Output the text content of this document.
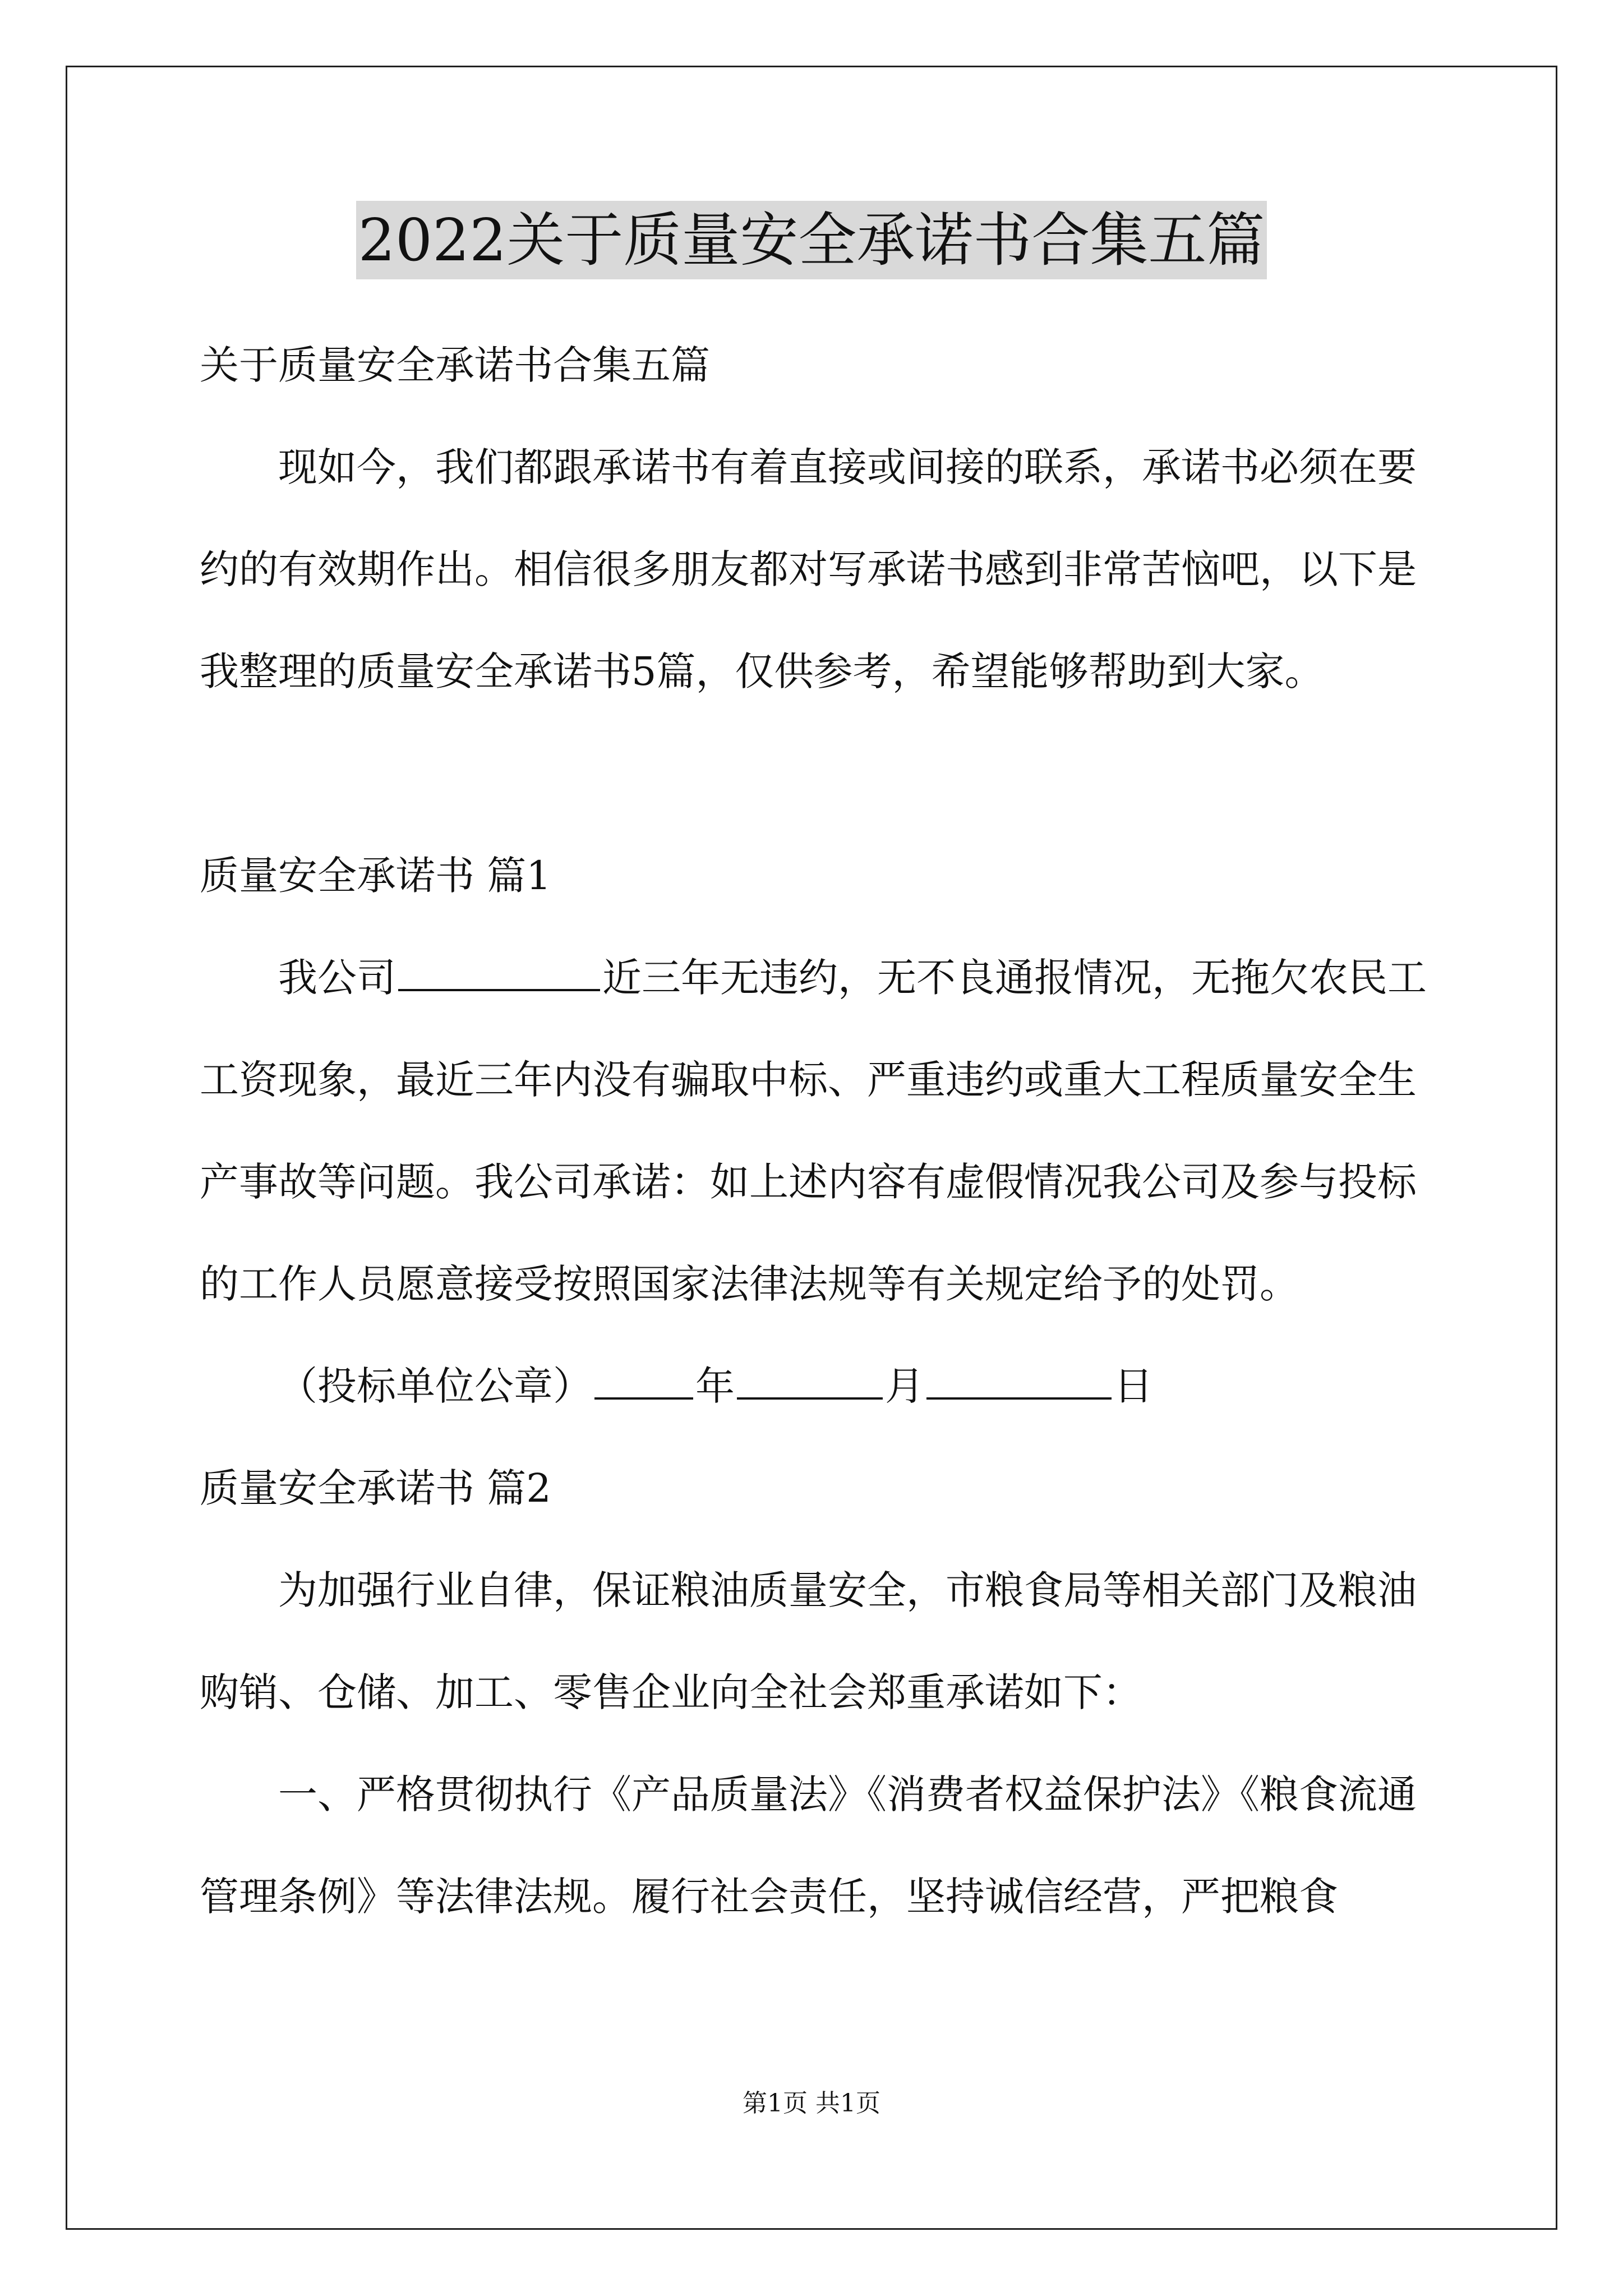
2022关于质量安全承诺书合集五篇

关于质量安全承诺书合集五篇

现如今，我们都跟承诺书有着直接或间接的联系，承诺书必须在要约的有效期作出。相信很多朋友都对写承诺书感到非常苦恼吧，以下是我整理的质量安全承诺书5篇，仅供参考，希望能够帮助到大家。

质量安全承诺书 篇1

我公司	近三年无违约，无不良通报情况，无拖欠农民工工资现象，最近三年内没有骗取中标、严重违约或重大工程质量安全生产事故等问题。我公司承诺：如上述内容有虚假情况我公司及参与投标的工作人员愿意接受按照国家法律法规等有关规定给予的处罚。

（投标单位公章）	年	月	日

质量安全承诺书 篇2

为加强行业自律，保证粮油质量安全，市粮食局等相关部门及粮油购销、仓储、加工、零售企业向全社会郑重承诺如下：

一、严格贯彻执行《产品质量法》《消费者权益保护法》《粮食流通管理条例》等法律法规。履行社会责任，坚持诚信经营，严把粮食

第1页 共1页
